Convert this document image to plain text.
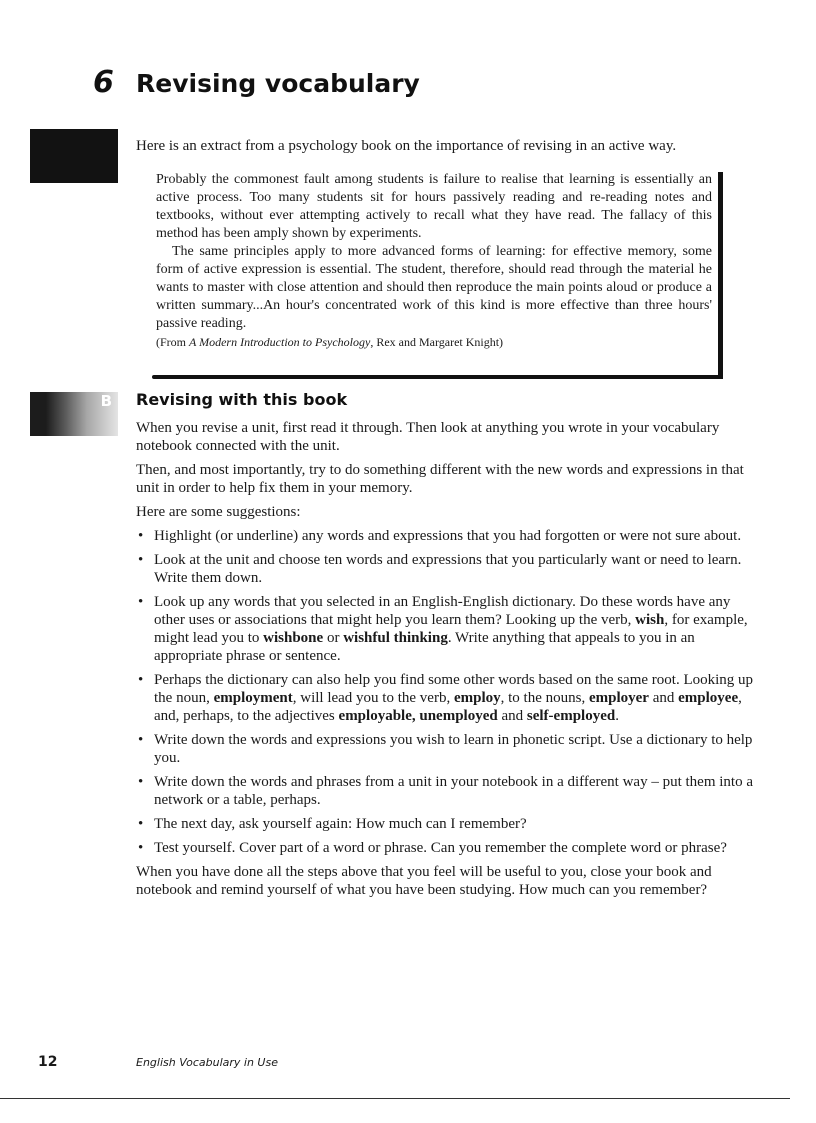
6 Revising vocabulary

Here is an extract from a psychology book on the importance of revising in an active way.

Probably the commonest fault among students is failure to realise that learning is essentially an active process. Too many students sit for hours passively reading and re-reading notes and textbooks, without ever attempting actively to recall what they have read. The fallacy of this method has been amply shown by experiments.

The same principles apply to more advanced forms of learning: for effective memory, some form of active expression is essential. The student, therefore, should read through the material he wants to master with close attention and should then reproduce the main points aloud or produce a written summary...An hour's concentrated work of this kind is more effective than three hours' passive reading.

(From A Modern Introduction to Psychology, Rex and Margaret Knight)

B Revising with this book

When you revise a unit, first read it through. Then look at anything you wrote in your vocabulary notebook connected with the unit.

Then, and most importantly, try to do something different with the new words and expressions in that unit in order to help fix them in your memory.

Here are some suggestions:

• Highlight (or underline) any words and expressions that you had forgotten or were not sure about.
• Look at the unit and choose ten words and expressions that you particularly want or need to learn. Write them down.
• Look up any words that you selected in an English-English dictionary. Do these words have any other uses or associations that might help you learn them? Looking up the verb, wish, for example, might lead you to wishbone or wishful thinking. Write anything that appeals to you in an appropriate phrase or sentence.
• Perhaps the dictionary can also help you find some other words based on the same root. Looking up the noun, employment, will lead you to the verb, employ, to the nouns, employer and employee, and, perhaps, to the adjectives employable, unemployed and self-employed.
• Write down the words and expressions you wish to learn in phonetic script. Use a dictionary to help you.
• Write down the words and phrases from a unit in your notebook in a different way – put them into a network or a table, perhaps.
• The next day, ask yourself again: How much can I remember?
• Test yourself. Cover part of a word or phrase. Can you remember the complete word or phrase?

When you have done all the steps above that you feel will be useful to you, close your book and notebook and remind yourself of what you have been studying. How much can you remember?

12	English Vocabulary in Use
